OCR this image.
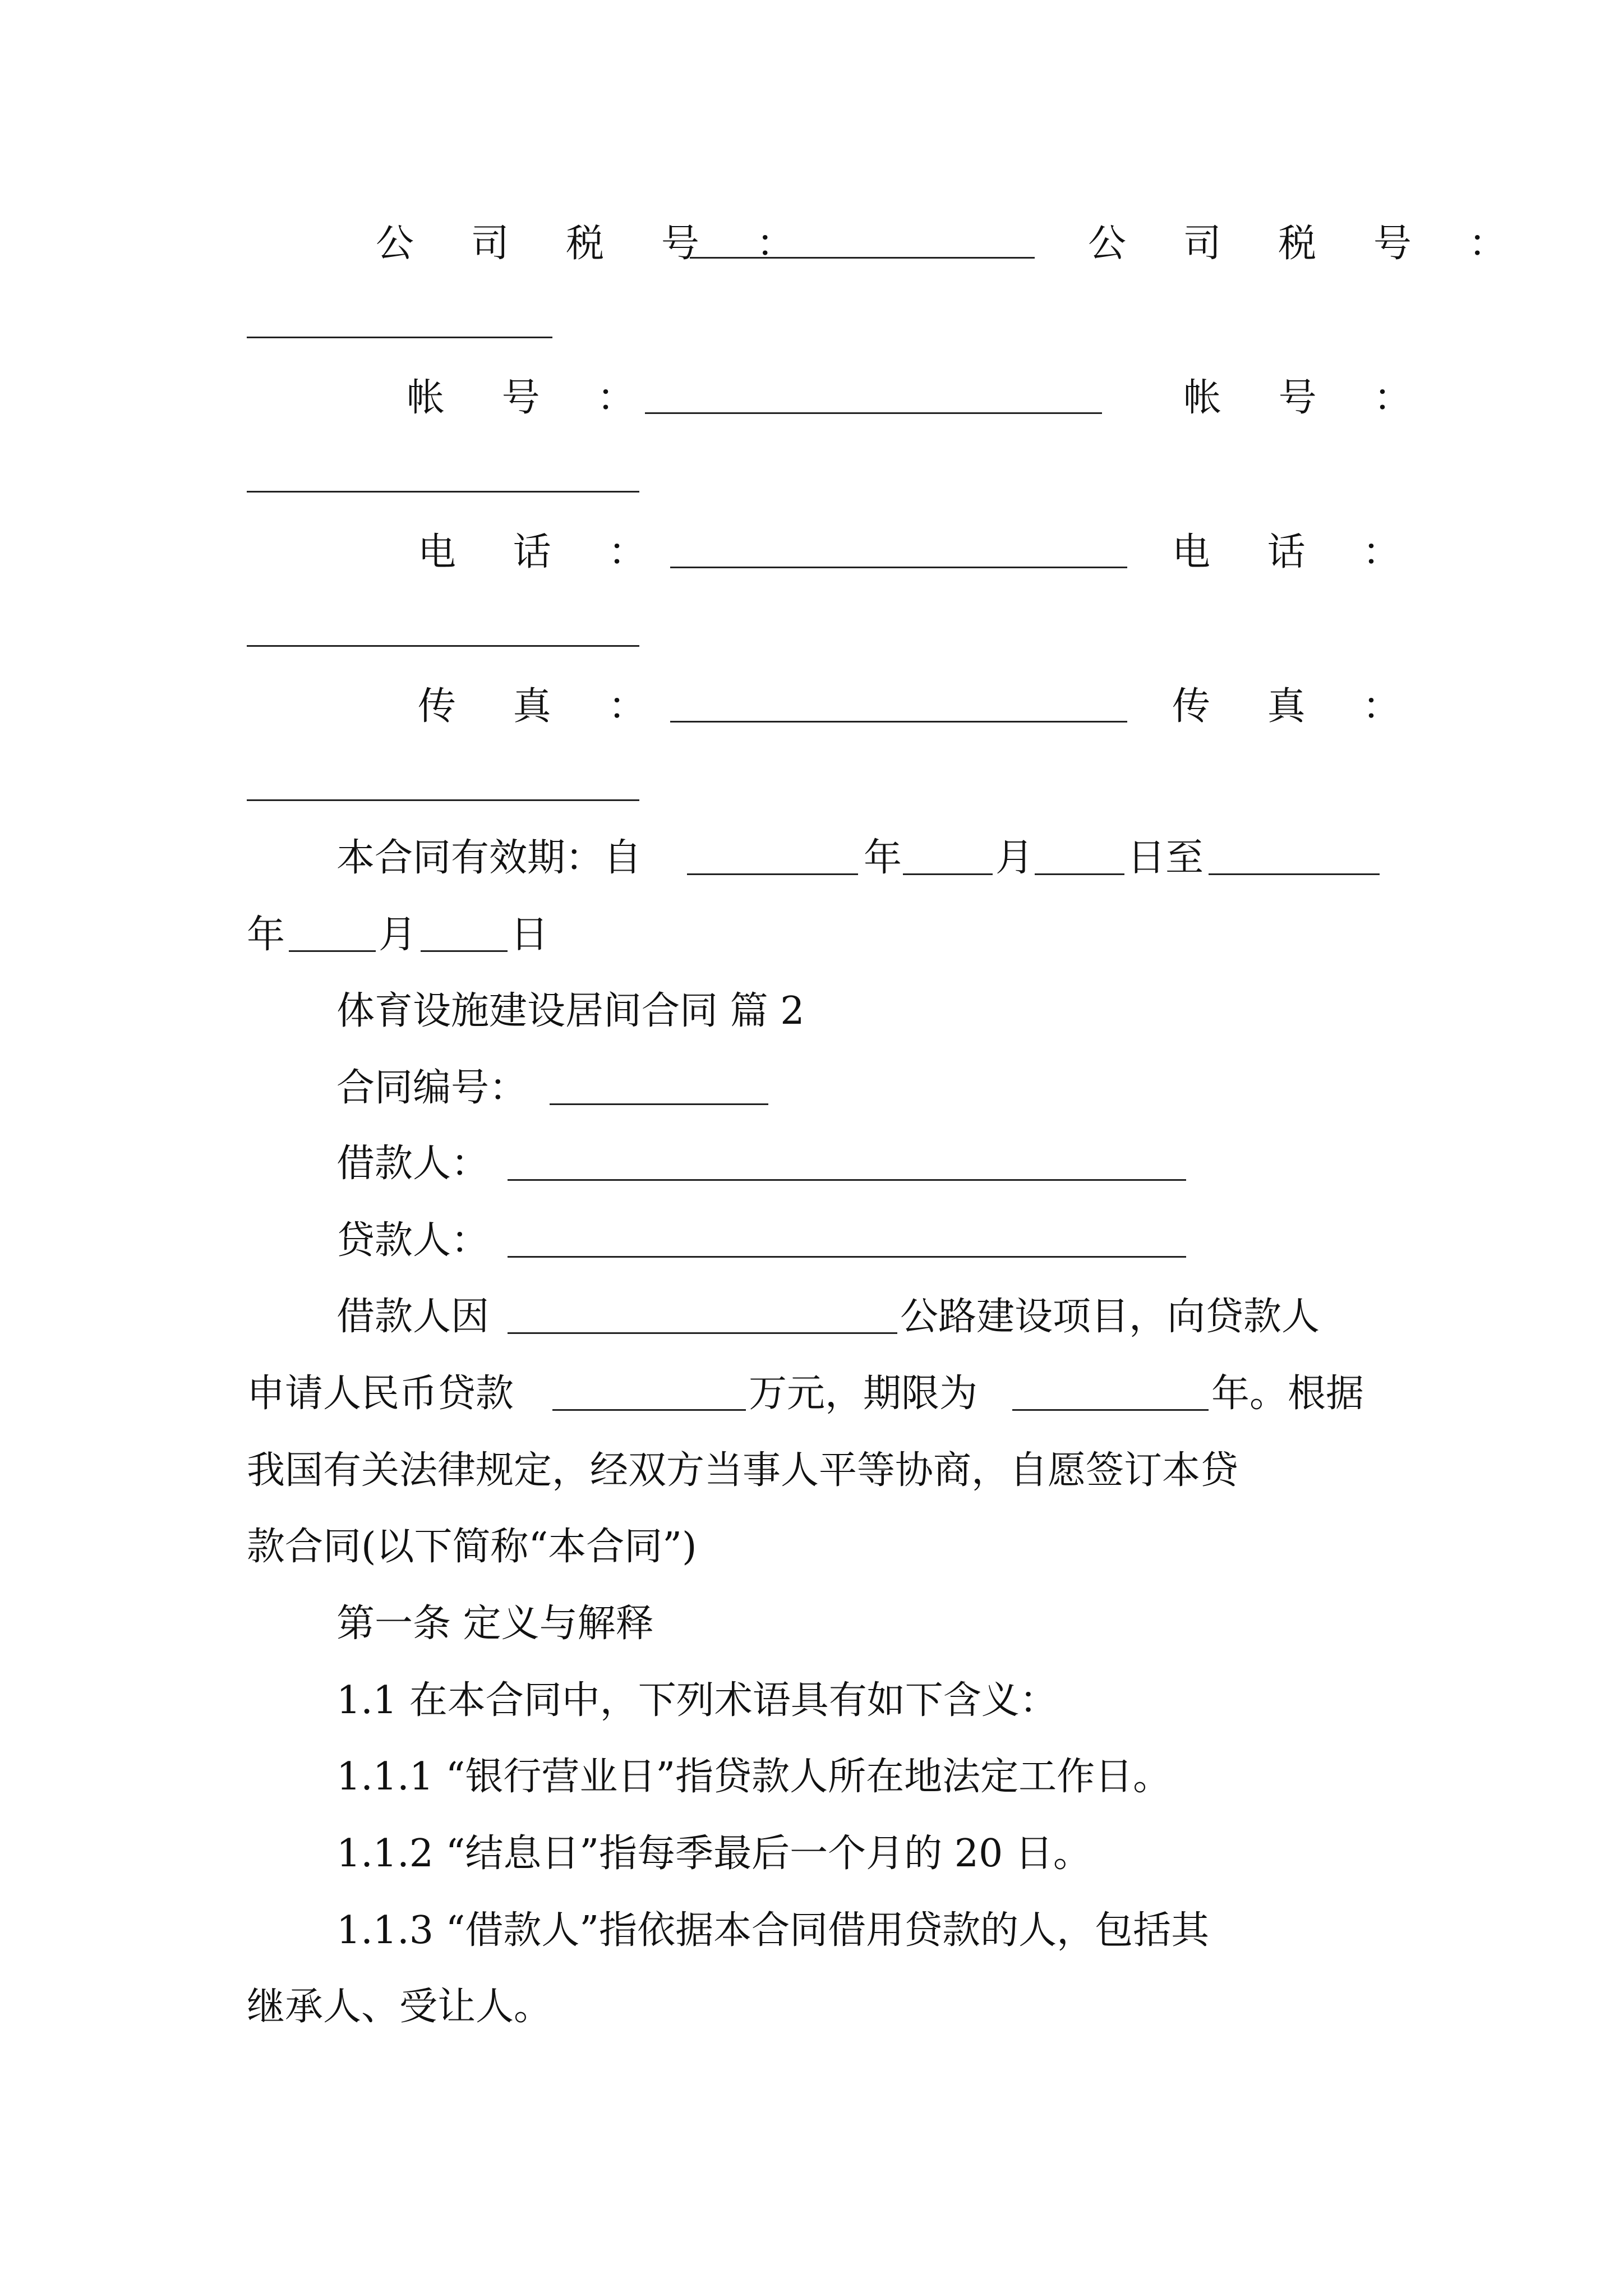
公 司 税 号 ：	公 司 税 号 ：
帐 号 ：	帐 号 ：
电 话 ：	电 话 ：
传 真 ：	传 真 ：
本合同有效期：自	年 月 日至
年 月 日
体育设施建设居间合同 篇 2
合同编号：
借款人：
贷款人：
借款人因	公路建设项目，向贷款人
申请人民币贷款	万元，期限为	年。根据
我国有关法律规定，经双方当事人平等协商，自愿签订本贷
款合同(以下简称“本合同”)
第一条 定义与解释
1.1 在本合同中，下列术语具有如下含义：
1.1.1 “银行营业日”指贷款人所在地法定工作日。
1.1.2 “结息日”指每季最后一个月的 20 日。
1.1.3 “借款人”指依据本合同借用贷款的人，包括其
继承人、受让人。
